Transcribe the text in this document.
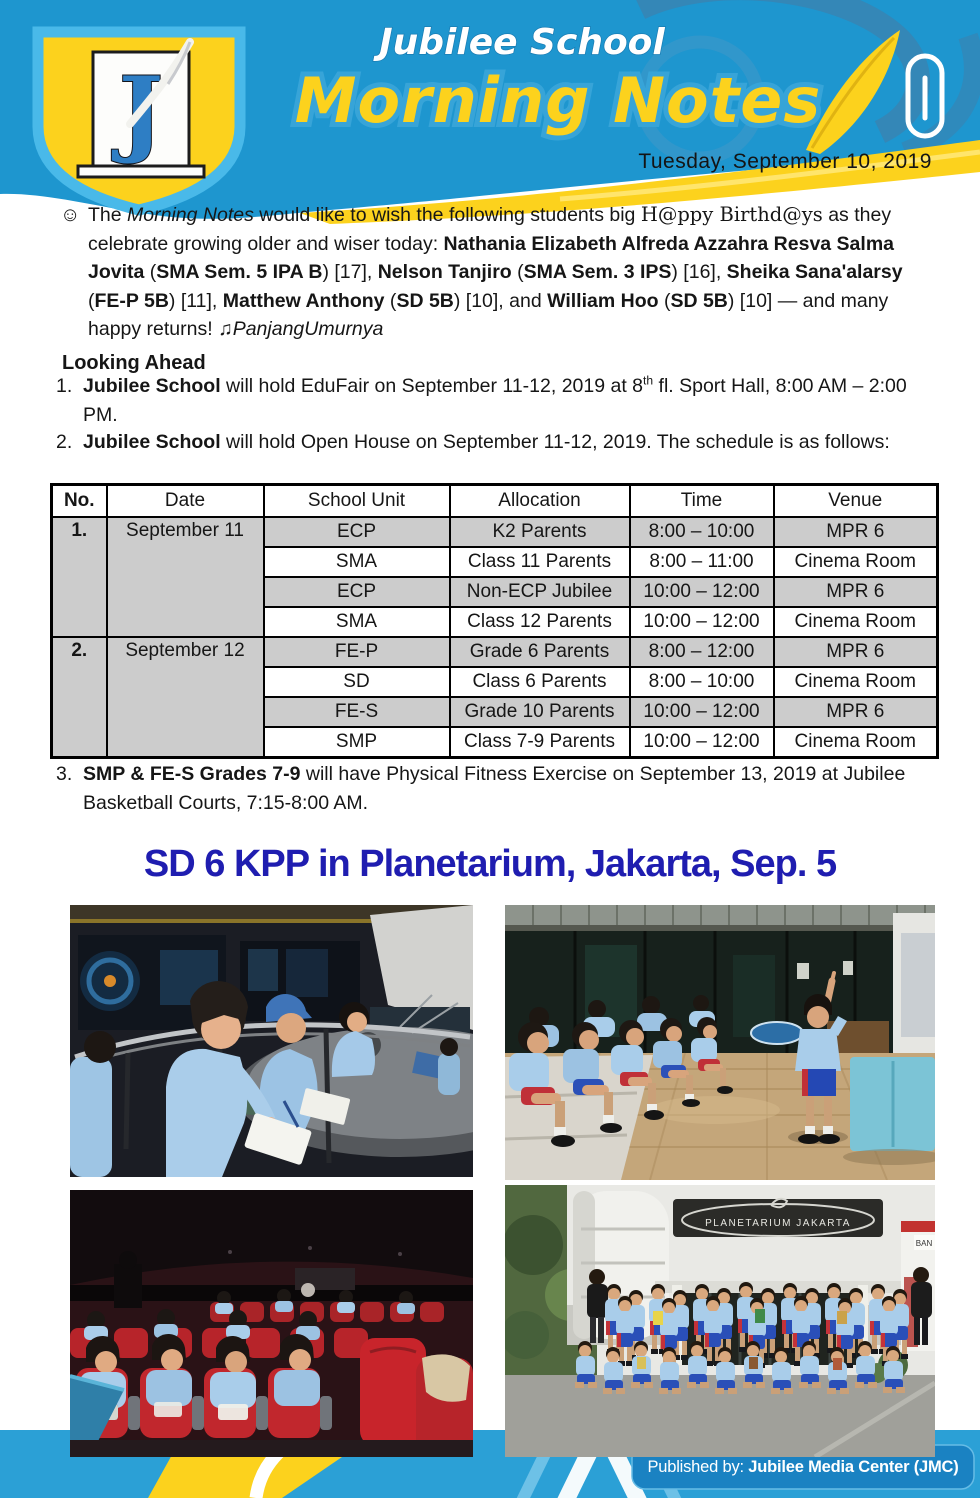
Jubilee School
Morning Notes
J	Tuesday, September 10, 2019
☺ The Morning Notes would like to wish the following students big H@ppy Birthd@ys as they celebrate growing older and wiser today: Nathania Elizabeth Alfreda Azzahra Resva Salma Jovita (SMA Sem. 5 IPA B) [17], Nelson Tanjiro (SMA Sem. 3 IPS) [16], Sheika Sana'alarsy (FE-P 5B) [11], Matthew Anthony (SD 5B) [10], and William Hoo (SD 5B) [10] — and many happy returns! ♫PanjangUmurnya
Looking Ahead
1. Jubilee School will hold EduFair on September 11-12, 2019 at 8th fl. Sport Hall, 8:00 AM – 2:00 PM.
2. Jubilee School will hold Open House on September 11-12, 2019. The schedule is as follows:
No.	Date	School Unit	Allocation	Time	Venue
1.	September 11	ECP	K2 Parents	8:00 – 10:00	MPR 6
		SMA	Class 11 Parents	8:00 – 11:00	Cinema Room
		ECP	Non-ECP Jubilee	10:00 – 12:00	MPR 6
		SMA	Class 12 Parents	10:00 – 12:00	Cinema Room
2.	September 12	FE-P	Grade 6 Parents	8:00 – 12:00	MPR 6
		SD	Class 6 Parents	8:00 – 10:00	Cinema Room
		FE-S	Grade 10 Parents	10:00 – 12:00	MPR 6
		SMP	Class 7-9 Parents	10:00 – 12:00	Cinema Room
3. SMP & FE-S Grades 7-9 will have Physical Fitness Exercise on September 13, 2019 at Jubilee Basketball Courts, 7:15-8:00 AM.
SD 6 KPP in Planetarium, Jakarta, Sep. 5
Published by: Jubilee Media Center (JMC)
PLANETARIUM JAKARTA
BAN
